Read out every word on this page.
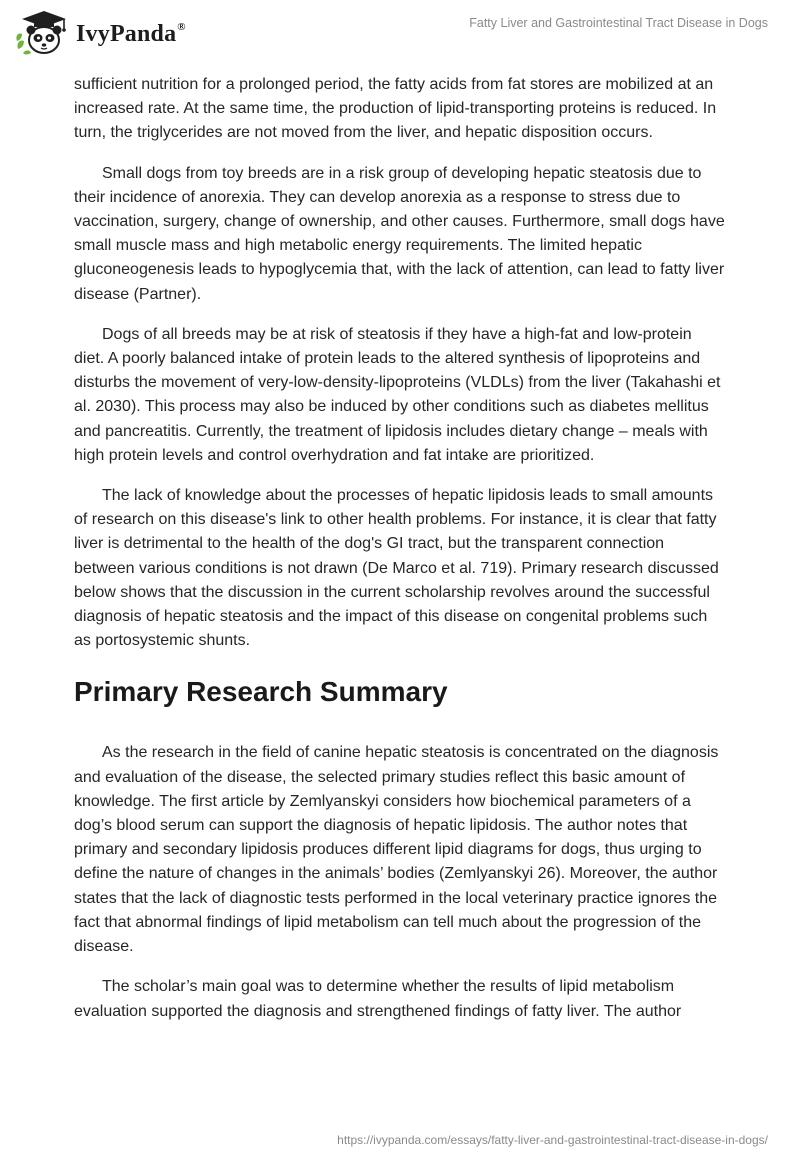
IvyPanda®	Fatty Liver and Gastrointestinal Tract Disease in Dogs

sufficient nutrition for a prolonged period, the fatty acids from fat stores are mobilized at an increased rate. At the same time, the production of lipid-transporting proteins is reduced. In turn, the triglycerides are not moved from the liver, and hepatic disposition occurs.

Small dogs from toy breeds are in a risk group of developing hepatic steatosis due to their incidence of anorexia. They can develop anorexia as a response to stress due to vaccination, surgery, change of ownership, and other causes. Furthermore, small dogs have small muscle mass and high metabolic energy requirements. The limited hepatic gluconeogenesis leads to hypoglycemia that, with the lack of attention, can lead to fatty liver disease (Partner).

Dogs of all breeds may be at risk of steatosis if they have a high-fat and low-protein diet. A poorly balanced intake of protein leads to the altered synthesis of lipoproteins and disturbs the movement of very-low-density-lipoproteins (VLDLs) from the liver (Takahashi et al. 2030). This process may also be induced by other conditions such as diabetes mellitus and pancreatitis. Currently, the treatment of lipidosis includes dietary change – meals with high protein levels and control overhydration and fat intake are prioritized.

The lack of knowledge about the processes of hepatic lipidosis leads to small amounts of research on this disease's link to other health problems. For instance, it is clear that fatty liver is detrimental to the health of the dog's GI tract, but the transparent connection between various conditions is not drawn (De Marco et al. 719). Primary research discussed below shows that the discussion in the current scholarship revolves around the successful diagnosis of hepatic steatosis and the impact of this disease on congenital problems such as portosystemic shunts.

Primary Research Summary

As the research in the field of canine hepatic steatosis is concentrated on the diagnosis and evaluation of the disease, the selected primary studies reflect this basic amount of knowledge. The first article by Zemlyanskyi considers how biochemical parameters of a dog’s blood serum can support the diagnosis of hepatic lipidosis. The author notes that primary and secondary lipidosis produces different lipid diagrams for dogs, thus urging to define the nature of changes in the animals’ bodies (Zemlyanskyi 26). Moreover, the author states that the lack of diagnostic tests performed in the local veterinary practice ignores the fact that abnormal findings of lipid metabolism can tell much about the progression of the disease.

The scholar’s main goal was to determine whether the results of lipid metabolism evaluation supported the diagnosis and strengthened findings of fatty liver. The author

https://ivypanda.com/essays/fatty-liver-and-gastrointestinal-tract-disease-in-dogs/
